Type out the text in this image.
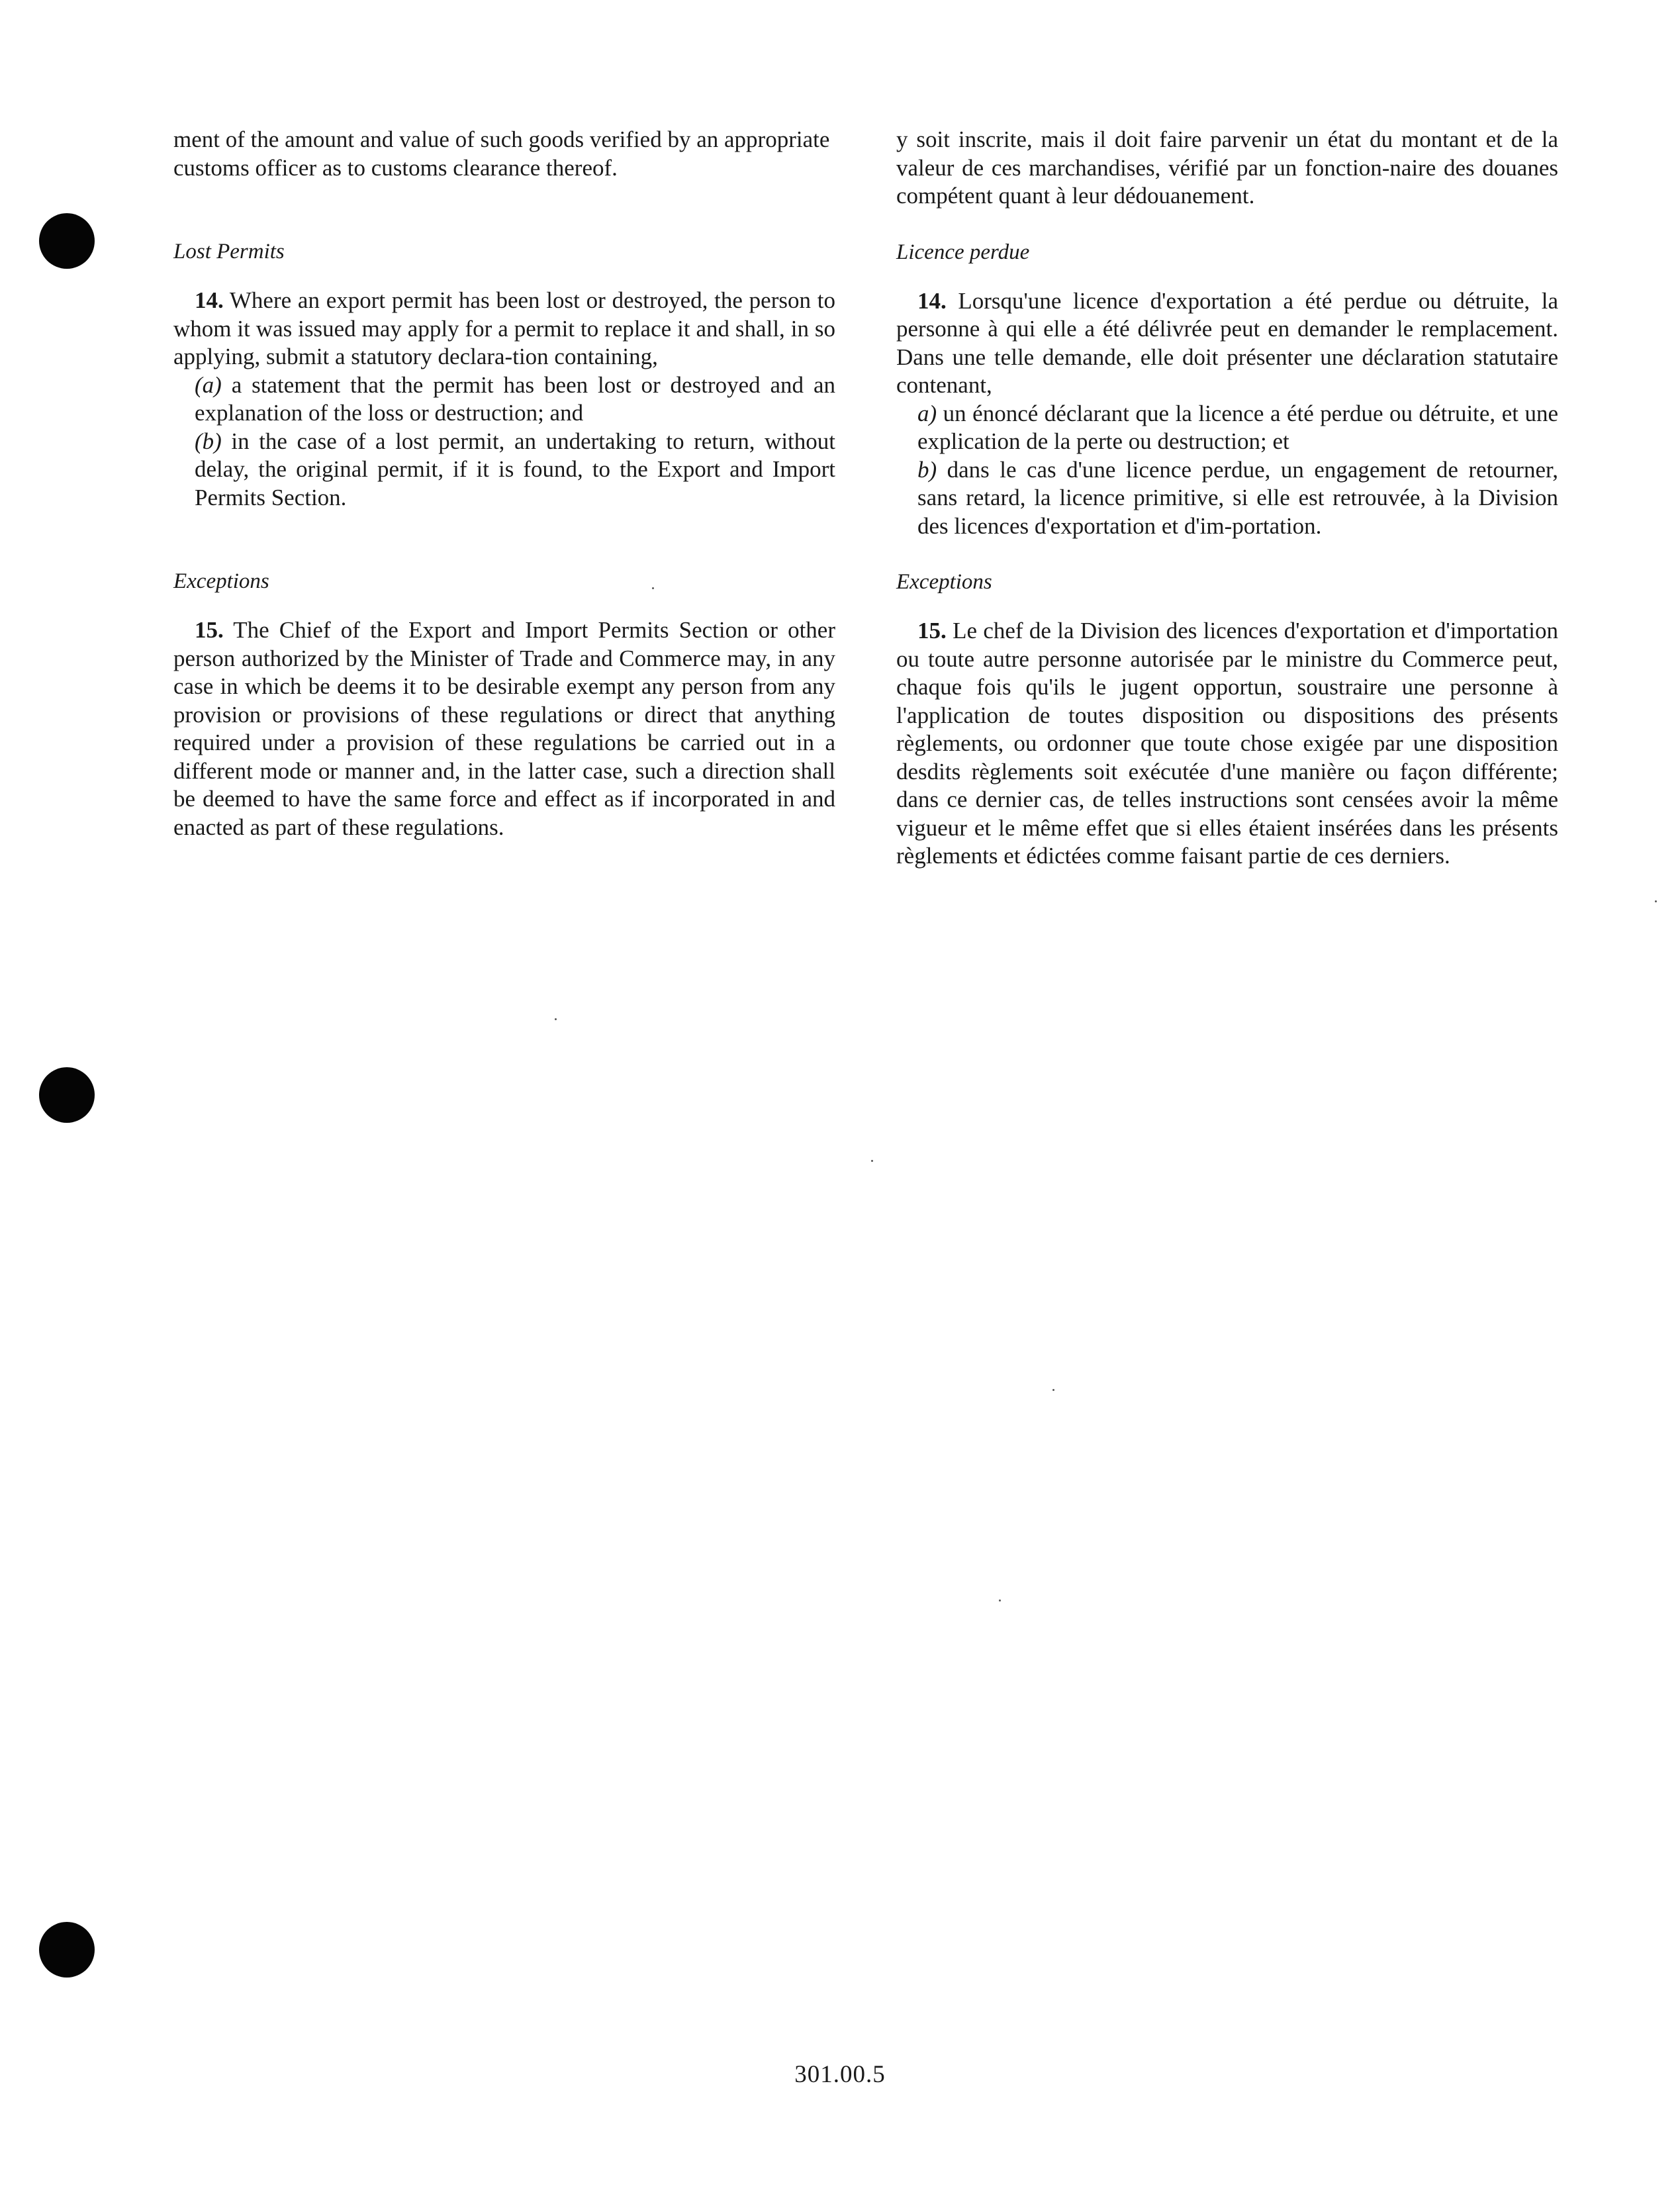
ment of the amount and value of such goods verified by an appropriate customs officer as to customs clearance thereof.

Lost Permits

14. Where an export permit has been lost or destroyed, the person to whom it was issued may apply for a permit to replace it and shall, in so applying, submit a statutory declara-tion containing,

(a) a statement that the permit has been lost or destroyed and an explanation of the loss or destruction; and

(b) in the case of a lost permit, an undertaking to return, without delay, the original permit, if it is found, to the Export and Import Permits Section.

Exceptions

15. The Chief of the Export and Import Permits Section or other person authorized by the Minister of Trade and Commerce may, in any case in which be deems it to be desirable exempt any person from any provision or provisions of these regulations or direct that anything required under a provision of these regulations be carried out in a different mode or manner and, in the latter case, such a direction shall be deemed to have the same force and effect as if incorporated in and enacted as part of these regulations.

y soit inscrite, mais il doit faire parvenir un état du montant et de la valeur de ces marchandises, vérifié par un fonction-naire des douanes compétent quant à leur dédouanement.

Licence perdue

14. Lorsqu'une licence d'exportation a été perdue ou détruite, la personne à qui elle a été délivrée peut en demander le remplacement. Dans une telle demande, elle doit présenter une déclaration statutaire contenant,

a) un énoncé déclarant que la licence a été perdue ou détruite, et une explication de la perte ou destruction; et

b) dans le cas d'une licence perdue, un engagement de retourner, sans retard, la licence primitive, si elle est retrouvée, à la Division des licences d'exportation et d'im-portation.

Exceptions

15. Le chef de la Division des licences d'exportation et d'importation ou toute autre personne autorisée par le ministre du Commerce peut, chaque fois qu'ils le jugent opportun, soustraire une personne à l'application de toutes disposition ou dispositions des présents règlements, ou ordonner que toute chose exigée par une disposition desdits règlements soit exécutée d'une manière ou façon différente; dans ce dernier cas, de telles instructions sont censées avoir la même vigueur et le même effet que si elles étaient insérées dans les présents règlements et édictées comme faisant partie de ces derniers.

301.00.5
